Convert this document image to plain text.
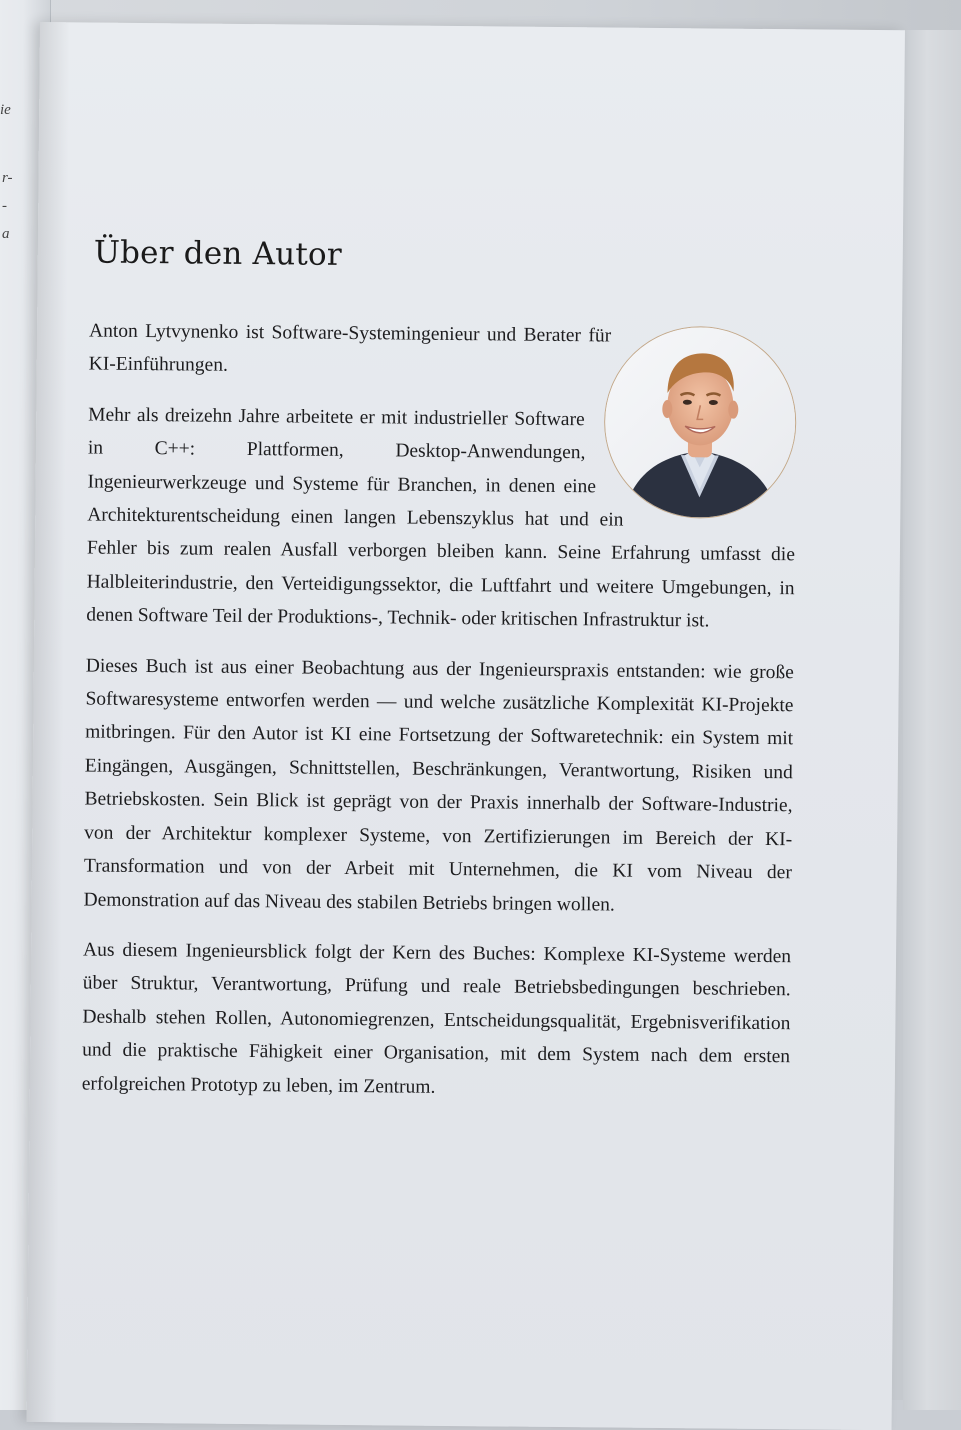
ie
r-
-
a
Über den Autor

Anton Lytvynenko ist Software-Systemingenieur und Berater für KI-Einführungen.

Mehr als dreizehn Jahre arbeitete er mit industrieller Software in C++: Plattformen, Desktop-Anwendungen, Ingenieurwerkzeuge und Systeme für Branchen, in denen eine Architekturentscheidung einen langen Lebenszyklus hat und ein Fehler bis zum realen Ausfall verborgen bleiben kann. Seine Erfahrung umfasst die Halbleiterindustrie, den Verteidigungssektor, die Luftfahrt und weitere Umgebungen, in denen Software Teil der Produktions-, Technik- oder kritischen Infrastruktur ist.

Dieses Buch ist aus einer Beobachtung aus der Ingenieurspraxis entstanden: wie große Softwaresysteme entworfen werden — und welche zusätzliche Komplexität KI-Projekte mitbringen. Für den Autor ist KI eine Fortsetzung der Softwaretechnik: ein System mit Eingängen, Ausgängen, Schnittstellen, Beschränkungen, Verantwortung, Risiken und Betriebskosten. Sein Blick ist geprägt von der Praxis innerhalb der Software-Industrie, von der Architektur komplexer Systeme, von Zertifizierungen im Bereich der KI-Transformation und von der Arbeit mit Unternehmen, die KI vom Niveau der Demonstration auf das Niveau des stabilen Betriebs bringen wollen.

Aus diesem Ingenieursblick folgt der Kern des Buches: Komplexe KI-Systeme werden über Struktur, Verantwortung, Prüfung und reale Betriebsbedingungen beschrieben. Deshalb stehen Rollen, Autonomiegrenzen, Entscheidungsqualität, Ergebnisverifikation und die praktische Fähigkeit einer Organisation, mit dem System nach dem ersten erfolgreichen Prototyp zu leben, im Zentrum.
